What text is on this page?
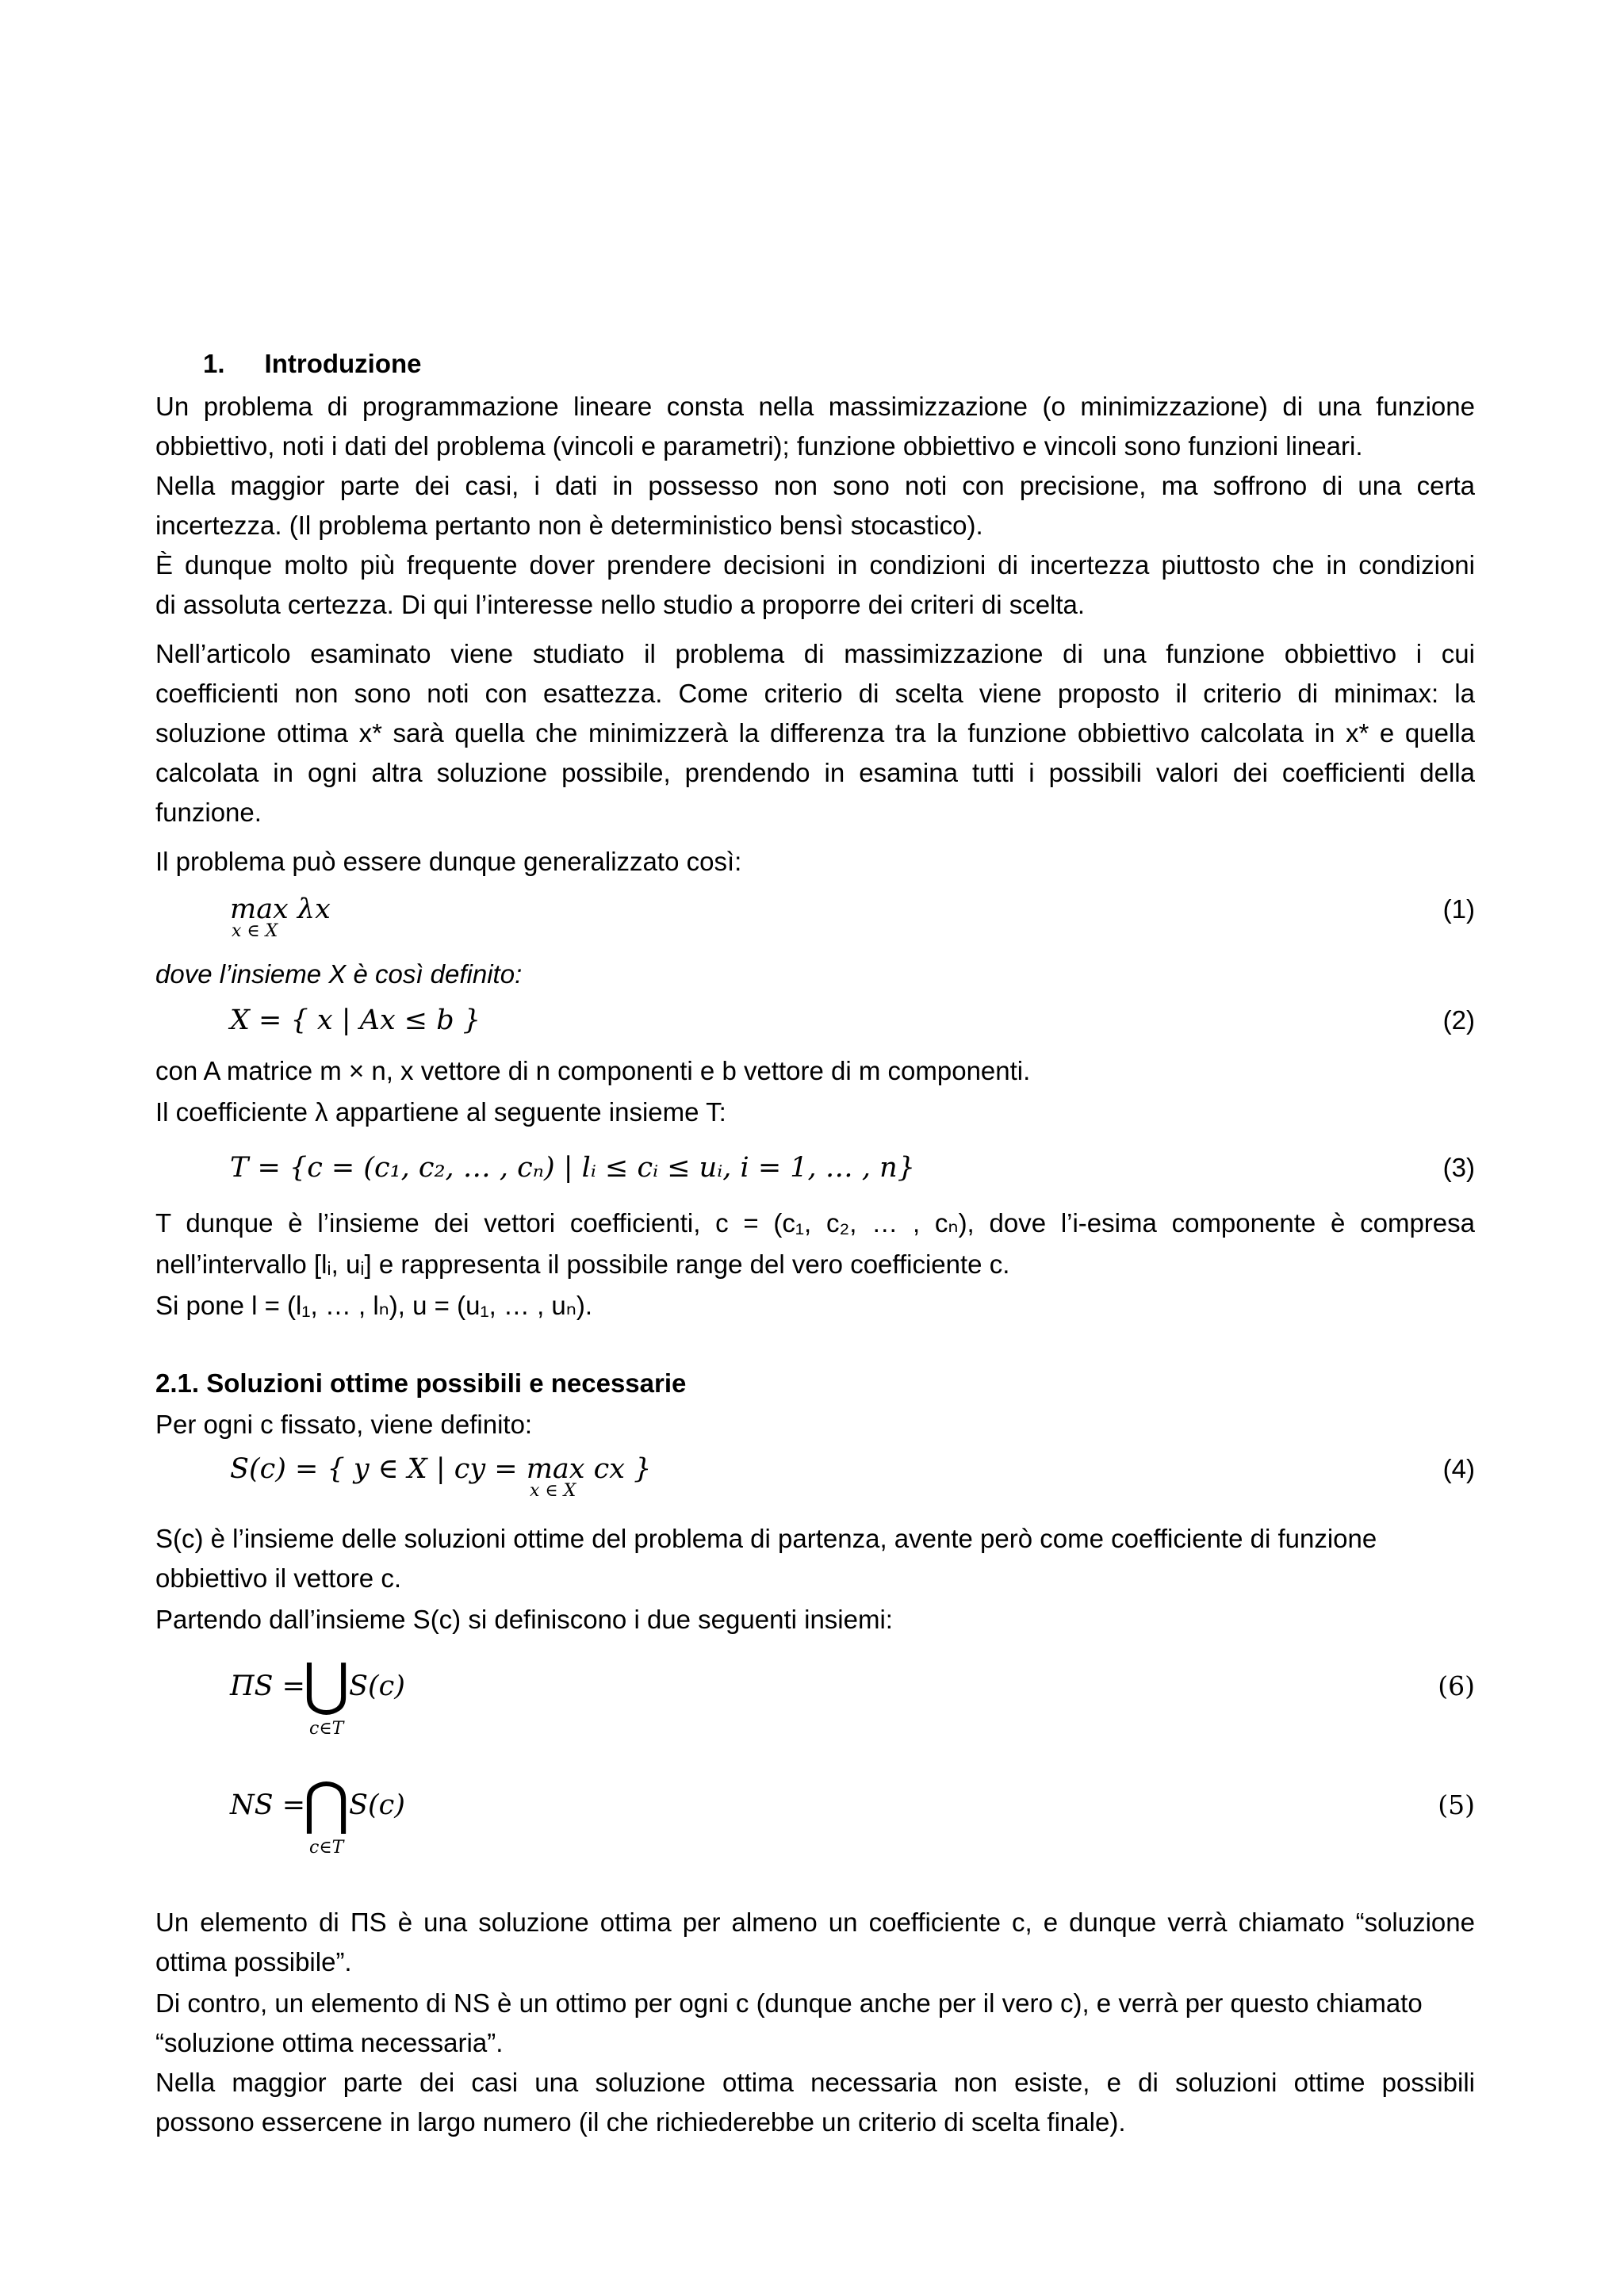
1. Introduzione
Un problema di programmazione lineare consta nella massimizzazione (o minimizzazione) di una funzione
obbiettivo, noti i dati del problema (vincoli e parametri); funzione obbiettivo e vincoli sono funzioni lineari.
Nella maggior parte dei casi, i dati in possesso non sono noti con precisione, ma soffrono di una certa
incertezza. (Il problema pertanto non è deterministico bensì stocastico).
È dunque molto più frequente dover prendere decisioni in condizioni di incertezza piuttosto che in condizioni
di assoluta certezza. Di qui l’interesse nello studio a proporre dei criteri di scelta.
Nell’articolo esaminato viene studiato il problema di massimizzazione di una funzione obbiettivo i cui
coefficienti non sono noti con esattezza. Come criterio di scelta viene proposto il criterio di minimax: la
soluzione ottima x* sarà quella che minimizzerà la differenza tra la funzione obbiettivo calcolata in x* e quella
calcolata in ogni altra soluzione possibile, prendendo in esamina tutti i possibili valori dei coefficienti della
funzione.
Il problema può essere dunque generalizzato così:
max λx
x ∈ X
(1)
dove l’insieme X è così definito:
X = { x | Ax ≤ b }	(2)
con A matrice m × n, x vettore di n componenti e b vettore di m componenti.
Il coefficiente λ appartiene al seguente insieme T:
T = {c = (c₁, c₂, … , cₙ) | lᵢ ≤ cᵢ ≤ uᵢ, i = 1, … , n}	(3)
T dunque è l’insieme dei vettori coefficienti, c = (c₁, c₂, … , cₙ), dove l’i-esima componente è compresa
nell’intervallo [lᵢ, uᵢ] e rappresenta il possibile range del vero coefficiente c.
Si pone l = (l₁, … , lₙ), u = (u₁, … , uₙ).
2.1. Soluzioni ottime possibili e necessarie
Per ogni c fissato, viene definito:
S(c) = { y ∈ X | cy = max cx }
x ∈ X
(4)
S(c) è l’insieme delle soluzioni ottime del problema di partenza, avente però come coefficiente di funzione
obbiettivo il vettore c.
Partendo dall’insieme S(c) si definiscono i due seguenti insiemi:
ΠS =
⋃
S(c)
c∈T
(6)
NS =
⋂
S(c)
c∈T
(5)
Un elemento di ΠS è una soluzione ottima per almeno un coefficiente c, e dunque verrà chiamato “soluzione
ottima possibile”.
Di contro, un elemento di NS è un ottimo per ogni c (dunque anche per il vero c), e verrà per questo chiamato
“soluzione ottima necessaria”.
Nella maggior parte dei casi una soluzione ottima necessaria non esiste, e di soluzioni ottime possibili
possono essercene in largo numero (il che richiederebbe un criterio di scelta finale).
